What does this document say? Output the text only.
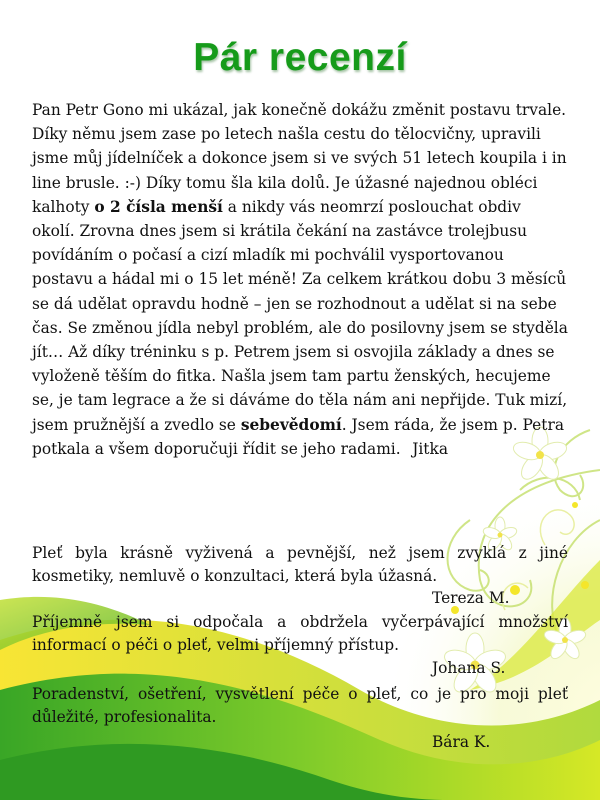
Pár recenzí

Pan Petr Gono mi ukázal, jak konečně dokážu změnit postavu trvale. Díky němu jsem zase po letech našla cestu do tělocvičny, upravili jsme můj jídelníček a dokonce jsem si ve svých 51 letech koupila i in line brusle. :-) Díky tomu šla kila dolů. Je úžasné najednou obléci kalhoty o 2 čísla menší a nikdy vás neomrzí poslouchat obdiv okolí. Zrovna dnes jsem si krátila čekání na zastávce trolejbusu povídáním o počasí a cizí mladík mi pochválil vysportovanou postavu a hádal mi o 15 let méně! Za celkem krátkou dobu 3 měsíců se dá udělat opravdu hodně – jen se rozhodnout a udělat si na sebe čas. Se změnou jídla nebyl problém, ale do posilovny jsem se styděla jít… Až díky tréninku s p. Petrem jsem si osvojila základy a dnes se vyloženě těším do fitka. Našla jsem tam partu ženských, hecujeme se, je tam legrace a že si dáváme do těla nám ani nepřijde. Tuk mizí, jsem pružnější a zvedlo se sebevědomí. Jsem ráda, že jsem p. Petra potkala a všem doporučuji řídit se jeho radami. Jitka

Pleť byla krásně vyživená a pevnější, než jsem zvyklá z jiné kosmetiky, nemluvě o konzultaci, která byla úžasná.

Tereza M.

Příjemně jsem si odpočala a obdržela vyčerpávající množství informací o péči o pleť, velmi příjemný přístup.

Johana S.

Poradenství, ošetření, vysvětlení péče o pleť, co je pro moji pleť důležité, profesionalita.

Bára K.
